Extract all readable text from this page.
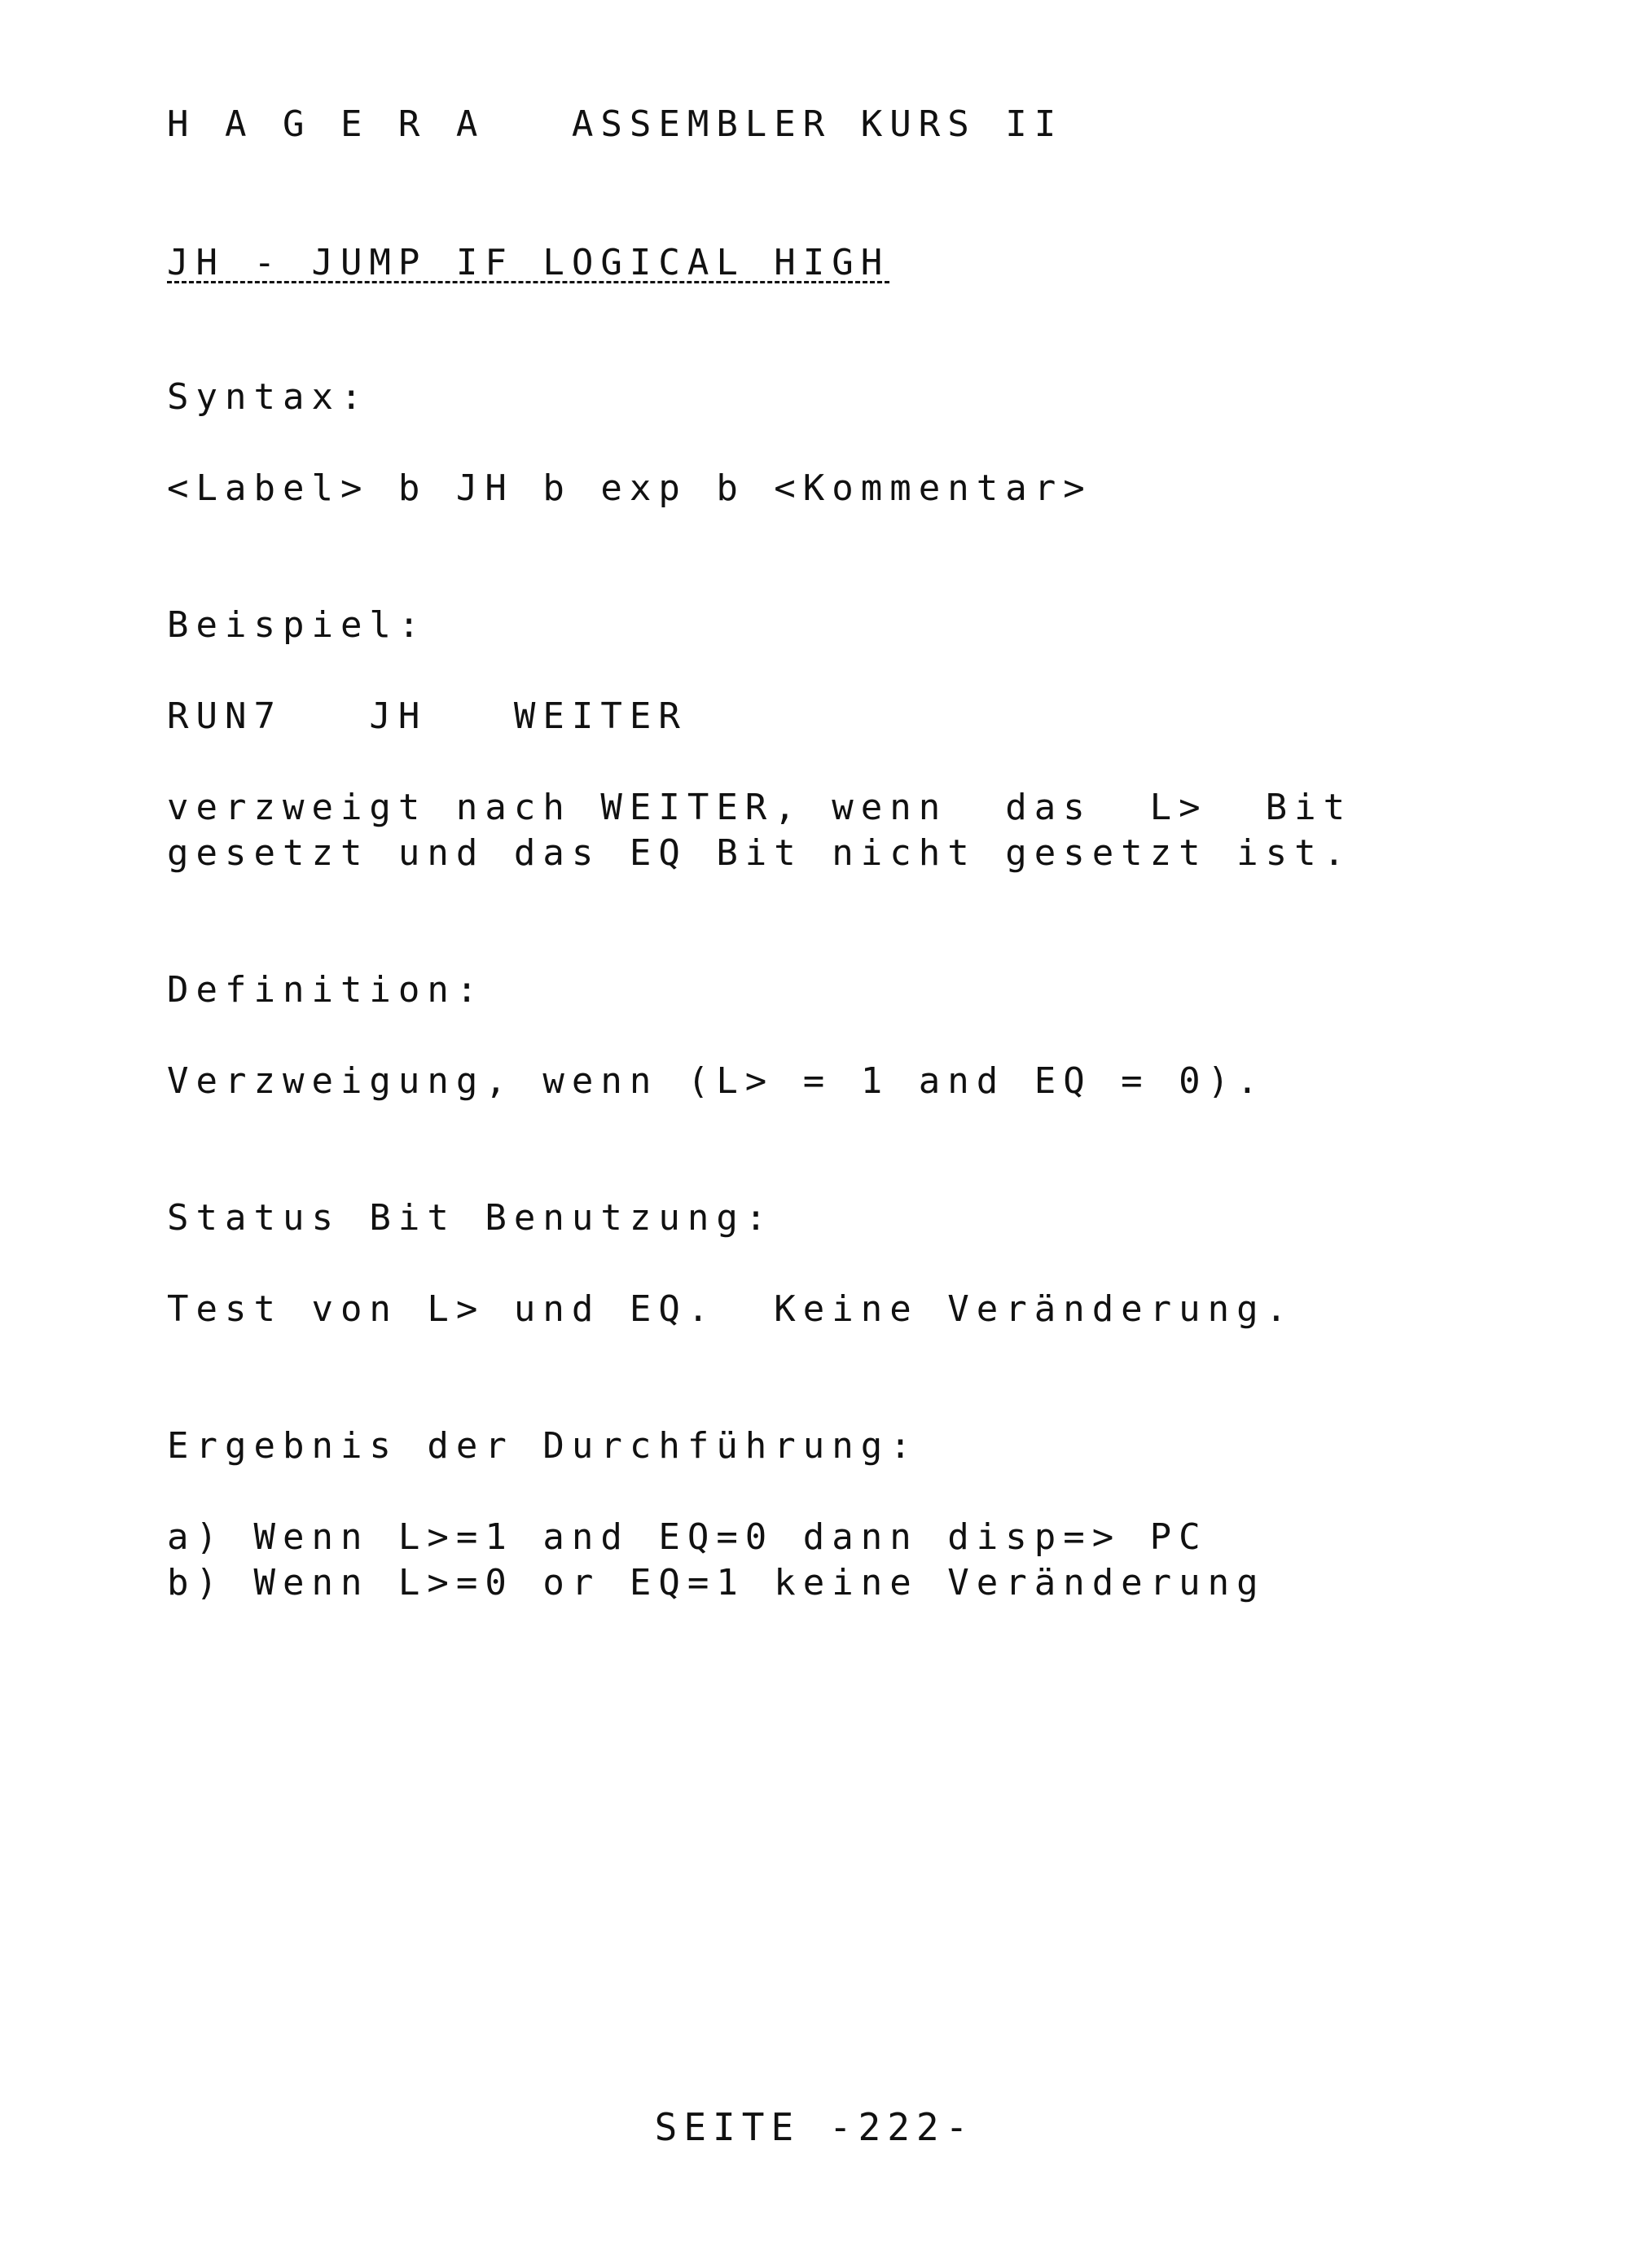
H A G E R A   ASSEMBLER KURS II

JH - JUMP IF LOGICAL HIGH

Syntax:

<Label> b JH b exp b <Kommentar>

Beispiel:

RUN7   JH   WEITER

verzweigt nach WEITER, wenn  das  L>  Bit

gesetzt und das EQ Bit nicht gesetzt ist.

Definition:

Verzweigung, wenn (L> = 1 and EQ = 0).

Status Bit Benutzung:

Test von L> und EQ.  Keine Veränderung.

Ergebnis der Durchführung:

a) Wenn L>=1 and EQ=0 dann disp=> PC

b) Wenn L>=0 or EQ=1 keine Veränderung

SEITE -222-
